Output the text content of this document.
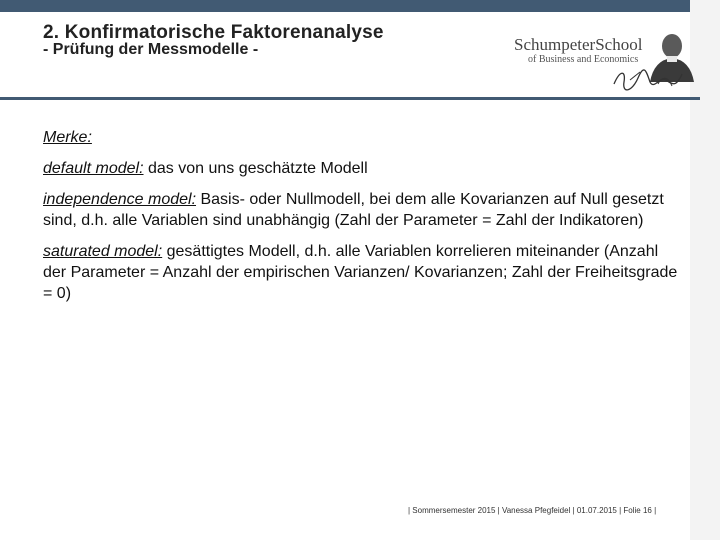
2. Konfirmatorische Faktorenanalyse
- Prüfung der Messmodelle -	SchumpeterSchool
of Business and Economics

Merke:

default model: das von uns geschätzte Modell

independence model: Basis- oder Nullmodell, bei dem alle Kovarianzen auf Null gesetzt sind, d.h. alle Variablen sind unabhängig (Zahl der Parameter = Zahl der Indikatoren)

saturated model: gesättigtes Modell, d.h. alle Variablen korrelieren miteinander (Anzahl der Parameter = Anzahl der empirischen Varianzen/ Kovarianzen; Zahl der Freiheitsgrade = 0)

| Sommersemester 2015 | Vanessa Pfegfeidel | 01.07.2015 | Folie 16 |
